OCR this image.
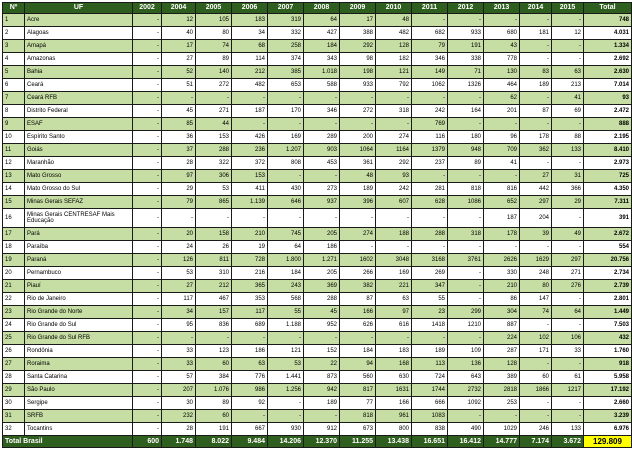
Nº	UF	2002	2004	2005	2006	2007	2008	2009	2010	2011	2012	2013	2014	2015	Total
1	Acre	-	12	105	183	319	64	17	48	-	-	-	-	-	748
2	Alagoas	-	40	80	34	332	427	388	482	682	933	680	181	12	4.031
3	Amapá	-	17	74	68	258	184	292	128	79	191	43	-	-	1.334
4	Amazonas	-	27	89	114	374	343	98	182	346	338	778	-	-	2.692
5	Bahia	-	52	140	212	385	1.018	198	121	149	71	130	83	63	2.630
6	Ceará	-	51	272	482	653	588	933	792	1062	1326	464	189	213	7.014
7	Ceará RFB	-	-	-	-	-	-	-	-	-	-	62	-	41	93
8	Distrito Federal	-	45	271	187	170	346	272	318	242	164	201	87	69	2.472
9	ESAF	-	85	44	-	-	-	-	-	769	-	-	-	-	888
10	Espírito Santo	-	36	153	426	169	289	200	274	116	180	96	178	88	2.195
11	Goiás	-	37	288	236	1.207	903	1064	1164	1379	948	709	362	133	8.410
12	Maranhão	-	28	322	372	808	453	361	292	237	89	41	-	-	2.973
13	Mato Grosso	-	97	306	153	-	-	48	93	-	-	-	27	31	725
14	Mato Grosso do Sul	-	29	53	411	430	273	189	242	281	818	816	442	366	4.350
15	Minas Gerais SEFAZ	-	79	865	1.139	646	937	396	607	628	1086	652	297	29	7.311
16	Minas Gerais CENTRESAF Mais Educação	-	-	-	-	-	-	-	-	-	-	187	204	-	391
17	Pará	-	20	158	210	745	205	274	188	288	318	178	39	49	2.672
18	Paraíba	-	24	26	19	64	186	-	-	-	-	-	-	-	554
19	Paraná	-	126	811	728	1.800	1.271	1602	3048	3168	3761	2626	1629	297	20.756
20	Pernambuco	-	53	310	216	184	205	266	169	269	-	330	248	271	2.734
21	Piauí	-	27	212	365	243	369	382	221	347	-	210	80	276	2.739
22	Rio de Janeiro	-	117	467	353	568	288	87	63	55	-	86	147	-	2.801
23	Rio Grande do Norte	-	34	157	117	55	45	166	97	23	299	304	74	64	1.449
24	Rio Grande do Sul	-	95	836	689	1.188	952	626	616	1418	1210	887	-	-	7.503
25	Rio Grande do Sul RFB	-	-	-	-	-	-	-	-	-	-	224	102	106	432
26	Rondônia	-	33	123	186	121	152	184	183	189	109	287	171	33	1.760
27	Roraima	-	33	60	63	53	22	94	168	113	136	128	-	-	918
28	Santa Catarina	-	57	384	776	1.441	873	560	630	724	643	389	60	61	5.958
29	São Paulo	-	207	1.076	986	1.256	942	817	1631	1744	2732	2818	1866	1217	17.192
30	Sergipe	-	30	89	92	-	189	77	166	666	1092	253	-	-	2.660
31	SRFB	-	232	60	-	-	-	818	961	1083	-	-	-	-	3.239
32	Tocantins	-	28	191	667	930	912	673	800	838	490	1029	246	133	6.976
Total Brasil		600	1.748	8.022	9.484	14.206	12.370	11.255	13.438	16.651	16.412	14.777	7.174	3.672	129.809
